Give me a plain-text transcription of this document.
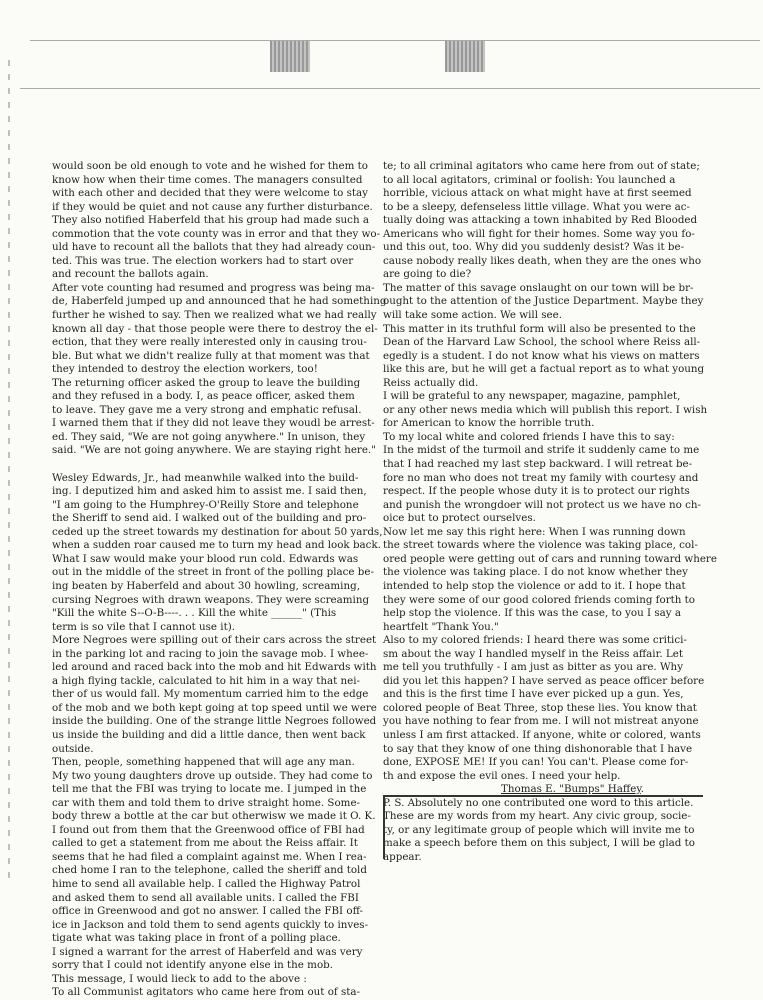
would soon be old enough to vote and he wished for them to
know how when their time comes. The managers consulted
with each other and decided that they were welcome to stay
if they would be quiet and not cause any further disturbance.
They also notified Haberfeld that his group had made such a
commotion that the vote county was in error and that they wo-
uld have to recount all the ballots that they had already coun-
ted. This was true. The election workers had to start over
and recount the ballots again.
After vote counting had resumed and progress was being ma-
de, Haberfeld jumped up and announced that he had something
further he wished to say. Then we realized what we had really
known all day - that those people were there to destroy the el-
ection, that they were really interested only in causing trou-
ble. But what we didn't realize fully at that moment was that
they intended to destroy the election workers, too!
The returning officer asked the group to leave the building
and they refused in a body. I, as peace officer, asked them
to leave. They gave me a very strong and emphatic refusal.
I warned them that if they did not leave they woudl be arrest-
ed. They said, "We are not going anywhere." In unison, they
said. "We are not going anywhere. We are staying right here."

Wesley Edwards, Jr., had meanwhile walked into the build-
ing. I deputized him and asked him to assist me. I said then,
"I am going to the Humphrey-O'Reilly Store and telephone
the Sheriff to send aid. I walked out of the building and pro-
ceded up the street towards my destination for about 50 yards,
when a sudden roar caused me to turn my head and look back.
What I saw would make your blood run cold. Edwards was
out in the middle of the street in front of the polling place be-
ing beaten by Haberfeld and about 30 howling, screaming,
cursing Negroes with drawn weapons. They were screaming
"Kill the white S--O-B----. . . Kill the white ______" (This
term is so vile that I cannot use it).
More Negroes were spilling out of their cars across the street
in the parking lot and racing to join the savage mob. I whee-
led around and raced back into the mob and hit Edwards with
a high flying tackle, calculated to hit him in a way that nei-
ther of us would fall. My momentum carried him to the edge
of the mob and we both kept going at top speed until we were
inside the building. One of the strange little Negroes followed
us inside the building and did a little dance, then went back
outside.
Then, people, something happened that will age any man.
My two young daughters drove up outside. They had come to
tell me that the FBI was trying to locate me. I jumped in the
car with them and told them to drive straight home. Some-
body threw a bottle at the car but otherwisw we made it O. K.
I found out from them that the Greenwood office of FBI had
called to get a statement from me about the Reiss affair. It
seems that he had filed a complaint against me. When I rea-
ched home I ran to the telephone, called the sheriff and told
hime to send all available help. I called the Highway Patrol
and asked them to send all available units. I called the FBI
office in Greenwood and got no answer. I called the FBI off-
ice in Jackson and told them to send agents quickly to inves-
tigate what was taking place in front of a polling place.
I signed a warrant for the arrest of Haberfeld and was very
sorry that I could not identify anyone else in the mob.
This message, I would lieck to add to the above :
To all Communist agitators who came here from out of sta-
te; to all criminal agitators who came here from out of state;
to all local agitators, criminal or foolish: You launched a
horrible, vicious attack on what might have at first seemed
to be a sleepy, defenseless little village. What you were ac-
tually doing was attacking a town inhabited by Red Blooded
Americans who will fight for their homes. Some way you fo-
und this out, too. Why did you suddenly desist? Was it be-
cause nobody really likes death, when they are the ones who
are going to die?
The matter of this savage onslaught on our town will be br-
ought to the attention of the Justice Department. Maybe they
will take some action. We will see.
This matter in its truthful form will also be presented to the
Dean of the Harvard Law School, the school where Reiss all-
egedly is a student. I do not know what his views on matters
like this are, but he will get a factual report as to what young
Reiss actually did.
I will be grateful to any newspaper, magazine, pamphlet,
or any other news media which will publish this report. I wish
for American to know the horrible truth.
To my local white and colored friends I have this to say:
In the midst of the turmoil and strife it suddenly came to me
that I had reached my last step backward. I will retreat be-
fore no man who does not treat my family with courtesy and
respect. If the people whose duty it is to protect our rights
and punish the wrongdoer will not protect us we have no ch-
oice but to protect ourselves.
Now let me say this right here: When I was running down
the street towards where the violence was taking place, col-
ored people were getting out of cars and running toward where
the violence was taking place. I do not know whether they
intended to help stop the violence or add to it. I hope that
they were some of our good colored friends coming forth to
help stop the violence. If this was the case, to you I say a
heartfelt "Thank You."
Also to my colored friends: I heard there was some critici-
sm about the way I handled myself in the Reiss affair. Let
me tell you truthfully - I am just as bitter as you are. Why
did you let this happen? I have served as peace officer before
and this is the first time I have ever picked up a gun. Yes,
colored people of Beat Three, stop these lies. You know that
you have nothing to fear from me. I will not mistreat anyone
unless I am first attacked. If anyone, white or colored, wants
to say that they know of one thing dishonorable that I have
done, EXPOSE ME! If you can! You can't. Please come for-
th and expose the evil ones. I need your help.
Thomas E. "Bumps" Haffey.
P. S. Absolutely no one contributed one word to this article.
These are my words from my heart. Any civic group, socie-
ty, or any legitimate group of people which will invite me to
make a speech before them on this subject, I will be glad to
appear.
